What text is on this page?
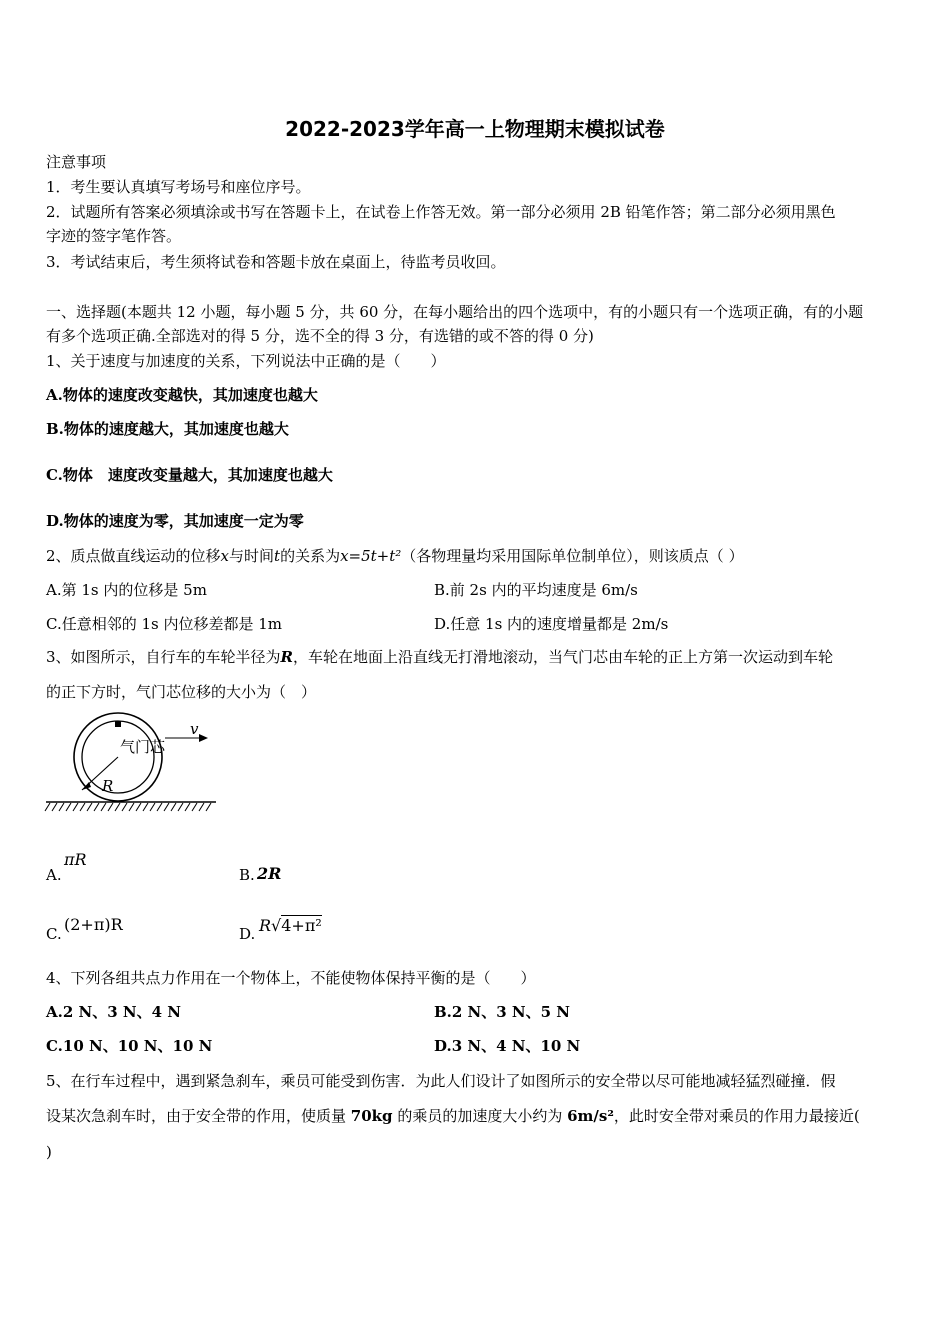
2022-2023学年高一上物理期末模拟试卷
注意事项
1．考生要认真填写考场号和座位序号。
2．试题所有答案必须填涂或书写在答题卡上，在试卷上作答无效。第一部分必须用 2B 铅笔作答；第二部分必须用黑色
字迹的签字笔作答。
3．考试结束后，考生须将试卷和答题卡放在桌面上，待监考员收回。
一、选择题(本题共 12 小题，每小题 5 分，共 60 分，在每小题给出的四个选项中，有的小题只有一个选项正确，有的小题
有多个选项正确.全部选对的得 5 分，选不全的得 3 分，有选错的或不答的得 0 分)
1、关于速度与加速度的关系，下列说法中正确的是（　　）
A.物体的速度改变越快，其加速度也越大
B.物体的速度越大，其加速度也越大
C.物体　速度改变量越大，其加速度也越大
D.物体的速度为零，其加速度一定为零
2、质点做直线运动的位移x与时间t的关系为x=5t+t²（各物理量均采用国际单位制单位），则该质点（ ）
A.第 1s 内的位移是 5m	B.前 2s 内的平均速度是 6m/s
C.任意相邻的 1s 内位移差都是 1m	D.任意 1s 内的速度增量都是 2m/s
3、如图所示，自行车的车轮半径为R，车轮在地面上沿直线无打滑地滚动，当气门芯由车轮的正上方第一次运动到车轮
的正下方时，气门芯位移的大小为（　）
气门芯
v
R
A.
πR
B. 2R
C. (2+π)R	D. R√4+π²
4、下列各组共点力作用在一个物体上，不能使物体保持平衡的是（　　）
A.2 N、3 N、4 N	B.2 N、3 N、5 N
C.10 N、10 N、10 N	D.3 N、4 N、10 N
5、在行车过程中，遇到紧急刹车，乘员可能受到伤害．为此人们设计了如图所示的安全带以尽可能地减轻猛烈碰撞．假
设某次急刹车时，由于安全带的作用，使质量 70kg 的乘员的加速度大小约为 6m/s²，此时安全带对乘员的作用力最接近(
)
